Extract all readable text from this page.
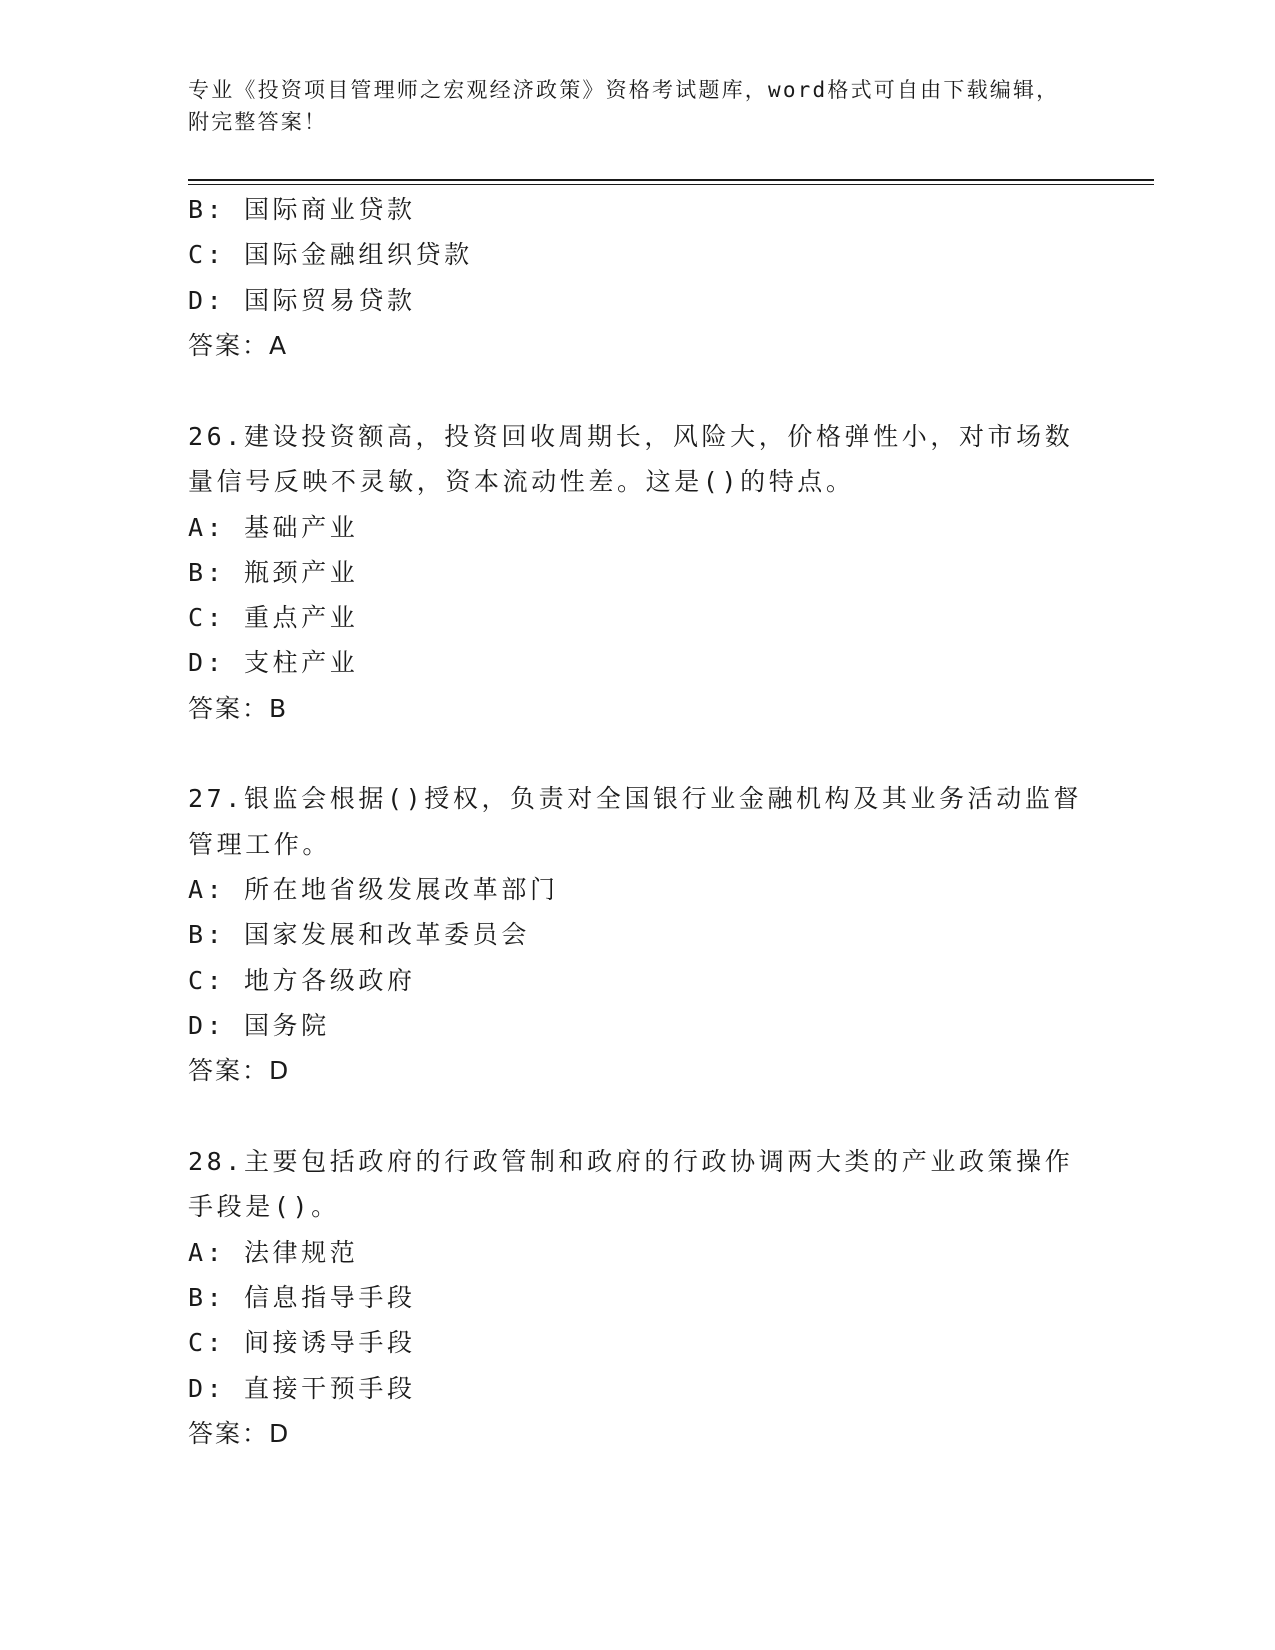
专业《投资项目管理师之宏观经济政策》资格考试题库，word格式可自由下载编辑，附完整答案！
B: 国际商业贷款
C: 国际金融组织贷款
D: 国际贸易贷款
答案：A
26.建设投资额高，投资回收周期长，风险大，价格弹性小，对市场数
量信号反映不灵敏，资本流动性差。这是()的特点。
A: 基础产业
B: 瓶颈产业
C: 重点产业
D: 支柱产业
答案：B
27.银监会根据()授权，负责对全国银行业金融机构及其业务活动监督
管理工作。
A: 所在地省级发展改革部门
B: 国家发展和改革委员会
C: 地方各级政府
D: 国务院
答案：D
28.主要包括政府的行政管制和政府的行政协调两大类的产业政策操作
手段是()。
A: 法律规范
B: 信息指导手段
C: 间接诱导手段
D: 直接干预手段
答案：D
